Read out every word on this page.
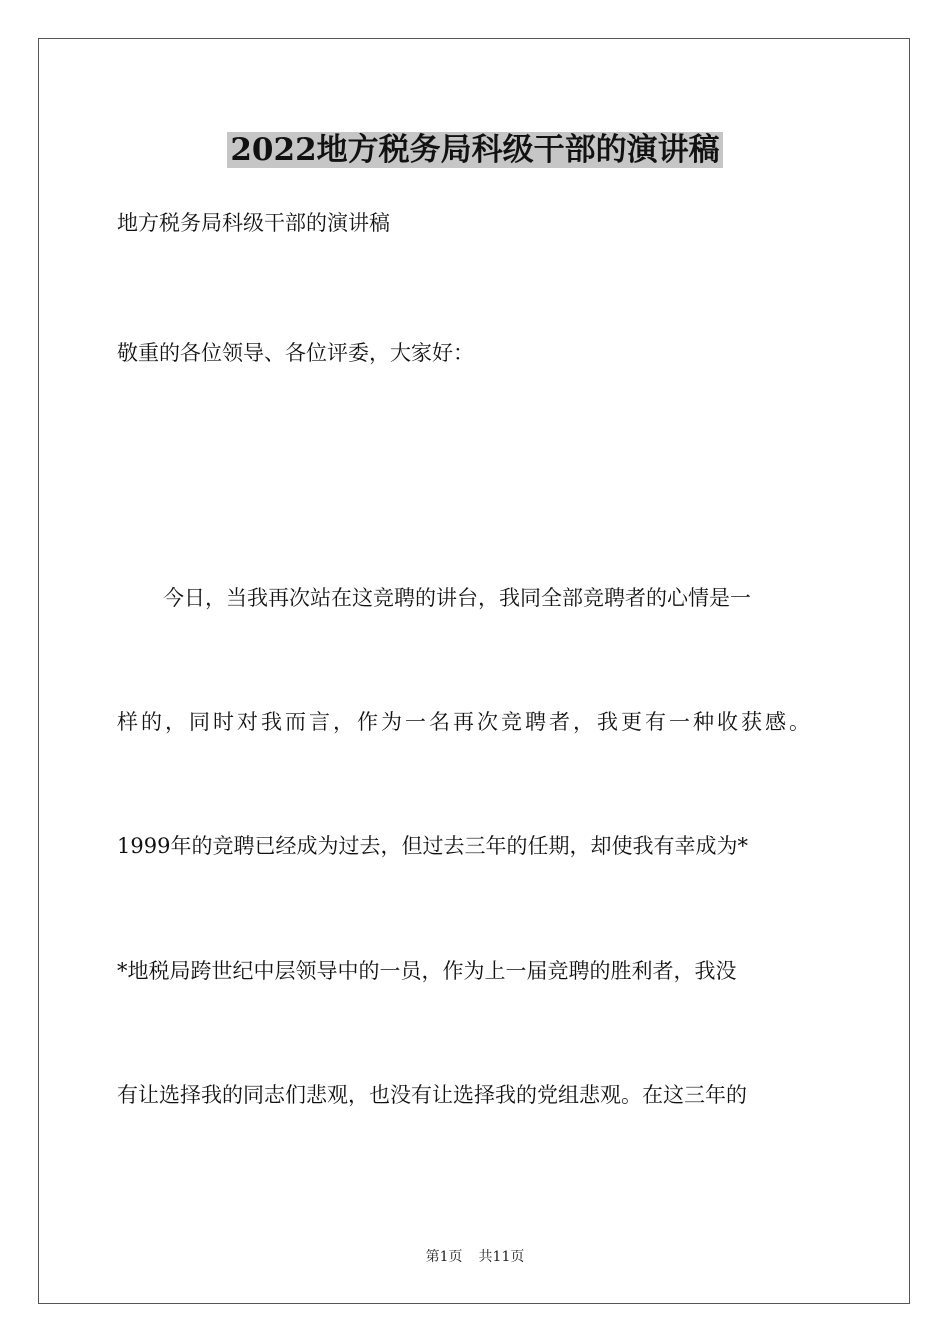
2022地方税务局科级干部的演讲稿
地方税务局科级干部的演讲稿
敬重的各位领导、各位评委，大家好：
今日，当我再次站在这竞聘的讲台，我同全部竞聘者的心情是一
样的，同时对我而言，作为一名再次竞聘者，我更有一种收获感。
1999年的竞聘已经成为过去，但过去三年的任期，却使我有幸成为*
*地税局跨世纪中层领导中的一员，作为上一届竞聘的胜利者，我没
有让选择我的同志们悲观，也没有让选择我的党组悲观。在这三年的
第1页 共11页
